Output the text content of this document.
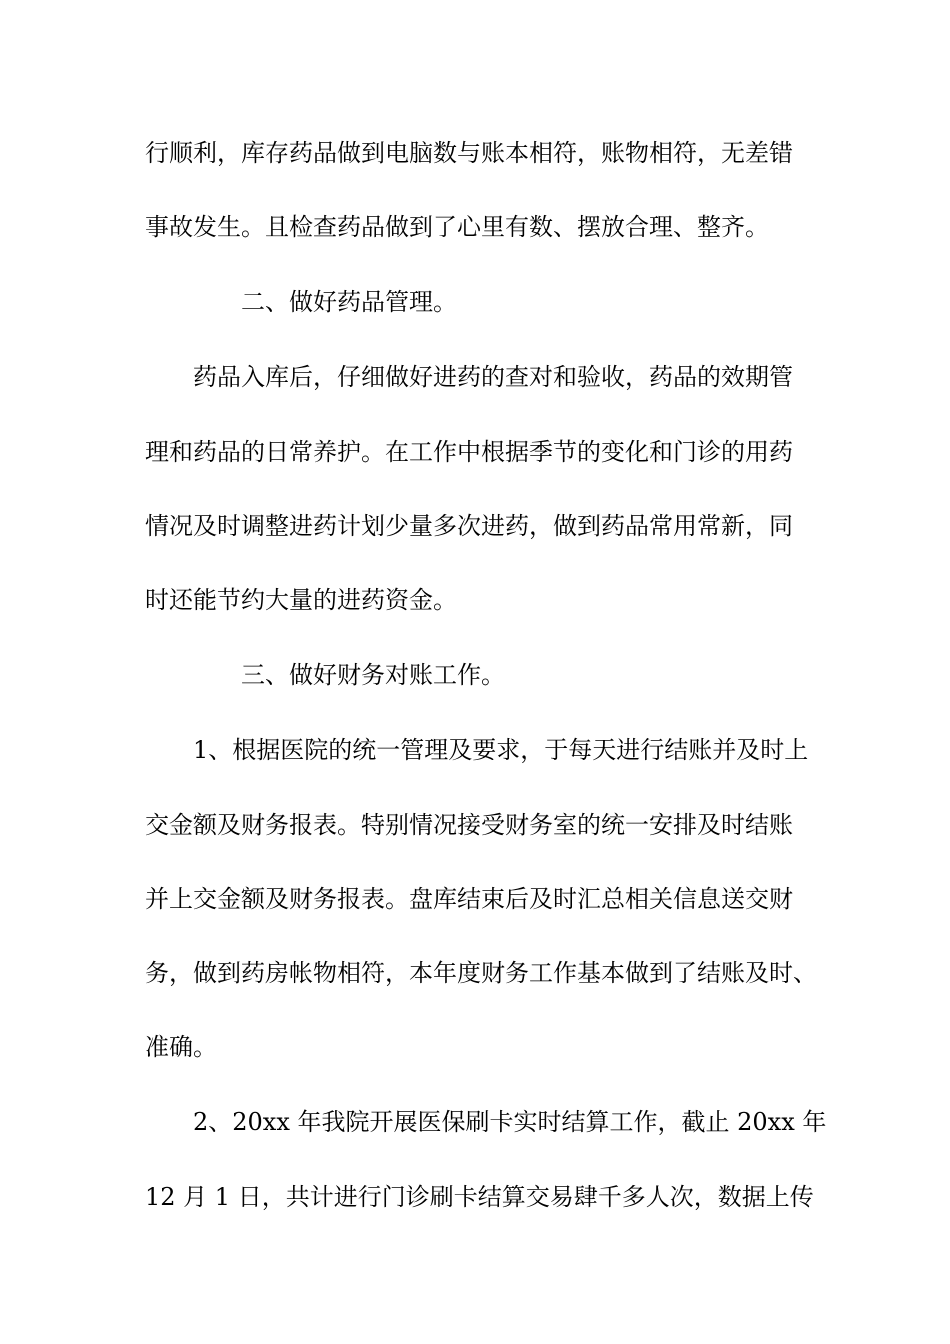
行顺利，库存药品做到电脑数与账本相符，账物相符，无差错

事故发生。且检查药品做到了心里有数、摆放合理、整齐。

二、做好药品管理。

药品入库后，仔细做好进药的查对和验收，药品的效期管

理和药品的日常养护。在工作中根据季节的变化和门诊的用药

情况及时调整进药计划少量多次进药，做到药品常用常新，同

时还能节约大量的进药资金。

三、做好财务对账工作。

1、根据医院的统一管理及要求，于每天进行结账并及时上

交金额及财务报表。特别情况接受财务室的统一安排及时结账

并上交金额及财务报表。盘库结束后及时汇总相关信息送交财

务，做到药房帐物相符，本年度财务工作基本做到了结账及时、

准确。

2、20xx 年我院开展医保刷卡实时结算工作，截止 20xx 年

12 月 1 日，共计进行门诊刷卡结算交易肆千多人次，数据上传
